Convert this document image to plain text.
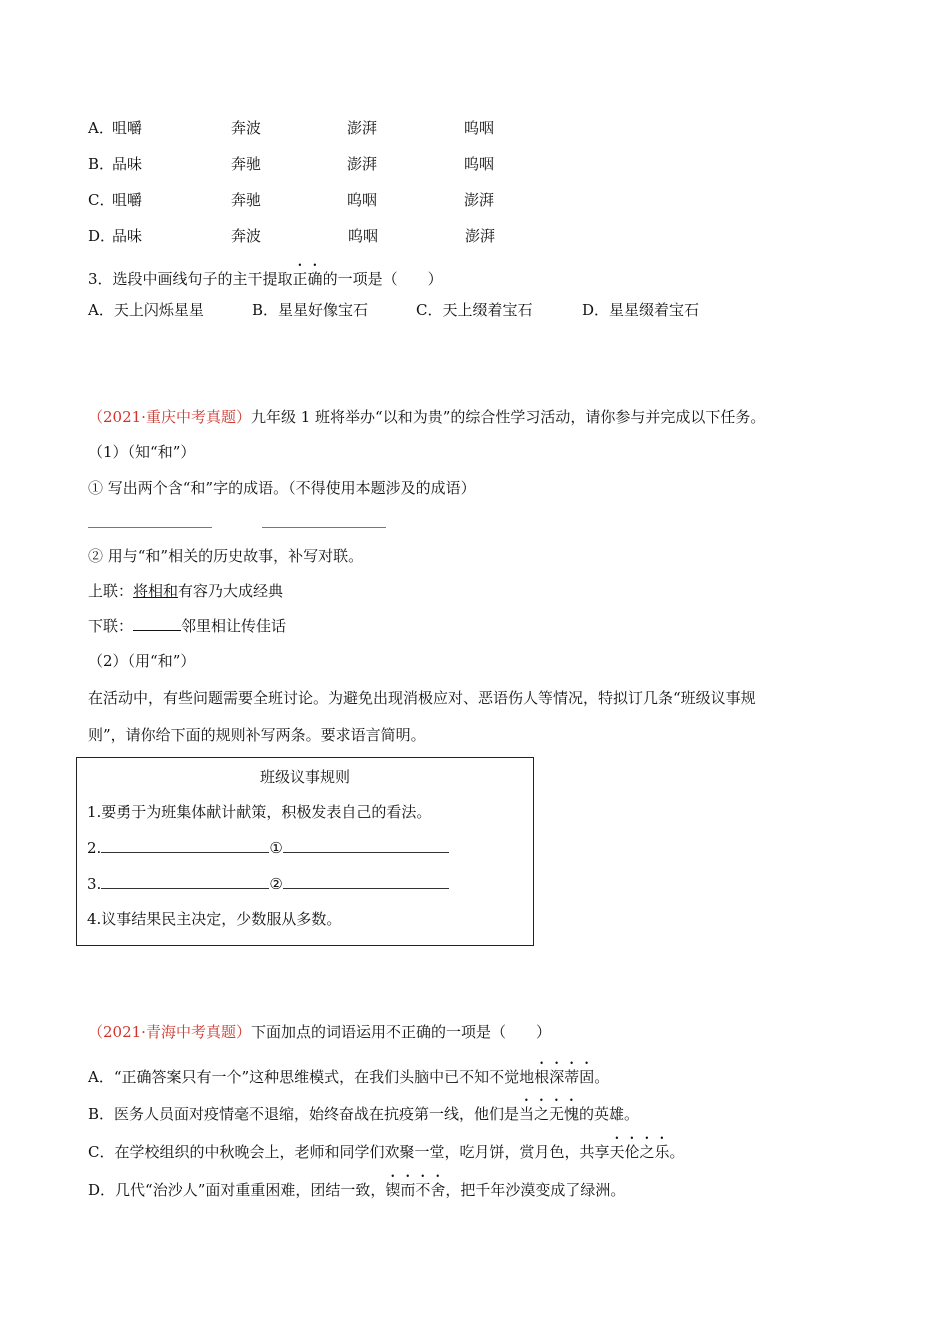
A．
咀嚼	奔波	澎湃	呜咽
B．
品味	奔驰	澎湃	呜咽
C．
咀嚼	奔驰	呜咽	澎湃
D．
品味	奔波	呜咽	澎湃
3．选段中画线句子的主干提取正确的一项是（　　）
A．天上闪烁星星	B．星星好像宝石	C．天上缀着宝石	D．星星缀着宝石
（2021·重庆中考真题）九年级 1 班将举办“以和为贵”的综合性学习活动，请你参与并完成以下任务。
（1）（知“和”）
① 写出两个含“和”字的成语。（不得使用本题涉及的成语）
② 用与“和”相关的历史故事，补写对联。
上联：将相和有容乃大成经典
下联：	邻里相让传佳话
（2）（用“和”）
在活动中，有些问题需要全班讨论。为避免出现消极应对、恶语伤人等情况，特拟订几条“班级议事规
则”，请你给下面的规则补写两条。要求语言简明。
班级议事规则
1.要勇于为班集体献计献策，积极发表自己的看法。
2.	①
3.	②
4.议事结果民主决定，少数服从多数。
（2021·青海中考真题）下面加点的词语运用不正确的一项是（　　）
A．“正确答案只有一个”这种思维模式，在我们头脑中已不知不觉地根深蒂固。
B．医务人员面对疫情毫不退缩，始终奋战在抗疫第一线，他们是当之无愧的英雄。
C．在学校组织的中秋晚会上，老师和同学们欢聚一堂，吃月饼，赏月色，共享天伦之乐。
D．几代“治沙人”面对重重困难，团结一致，锲而不舍，把千年沙漠变成了绿洲。
